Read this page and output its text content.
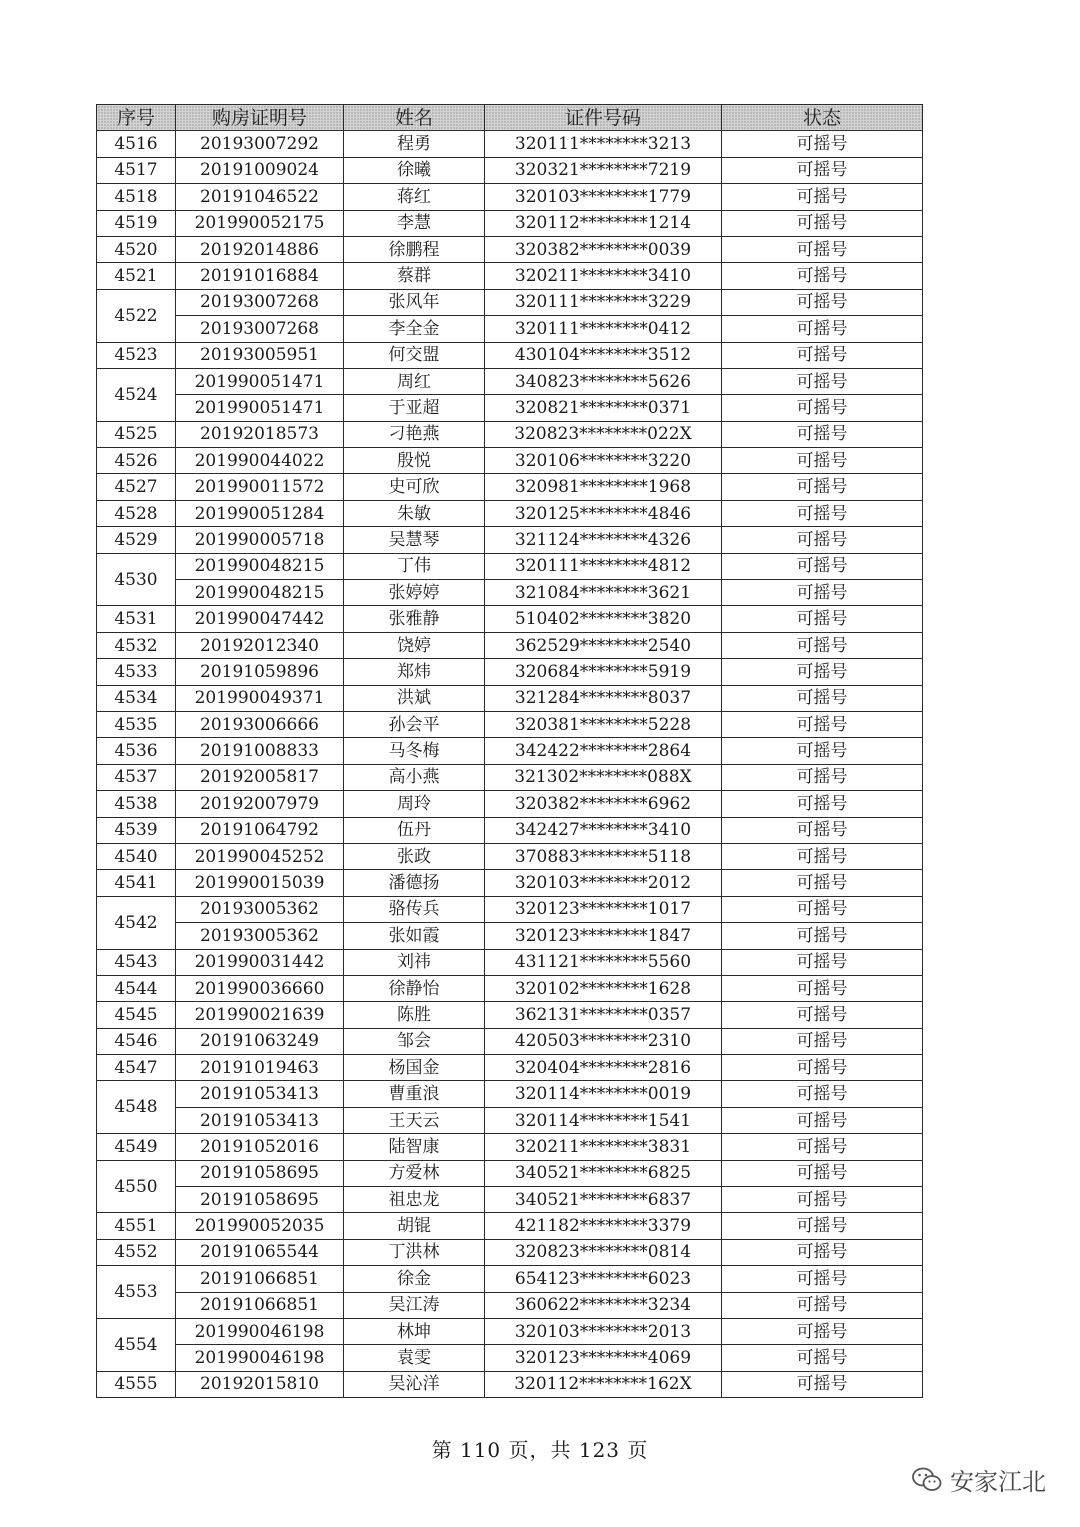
序号	购房证明号	姓名	证件号码	状态
4516	20193007292	程勇	320111********3213	可摇号
4517	20191009024	徐曦	320321********7219	可摇号
4518	20191046522	蒋红	320103********1779	可摇号
4519	201990052175	李慧	320112********1214	可摇号
4520	20192014886	徐鹏程	320382********0039	可摇号
4521	20191016884	蔡群	320211********3410	可摇号
4522	20193007268	张风年	320111********3229	可摇号
	20193007268	李全金	320111********0412	可摇号
4523	20193005951	何交盟	430104********3512	可摇号
4524	201990051471	周红	340823********5626	可摇号
	201990051471	于亚超	320821********0371	可摇号
4525	20192018573	刁艳燕	320823********022X	可摇号
4526	201990044022	殷悦	320106********3220	可摇号
4527	201990011572	史可欣	320981********1968	可摇号
4528	201990051284	朱敏	320125********4846	可摇号
4529	201990005718	吴慧琴	321124********4326	可摇号
4530	201990048215	丁伟	320111********4812	可摇号
	201990048215	张婷婷	321084********3621	可摇号
4531	201990047442	张雅静	510402********3820	可摇号
4532	20192012340	饶婷	362529********2540	可摇号
4533	20191059896	郑炜	320684********5919	可摇号
4534	201990049371	洪斌	321284********8037	可摇号
4535	20193006666	孙会平	320381********5228	可摇号
4536	20191008833	马冬梅	342422********2864	可摇号
4537	20192005817	高小燕	321302********088X	可摇号
4538	20192007979	周玲	320382********6962	可摇号
4539	20191064792	伍丹	342427********3410	可摇号
4540	201990045252	张政	370883********5118	可摇号
4541	201990015039	潘德扬	320103********2012	可摇号
4542	20193005362	骆传兵	320123********1017	可摇号
	20193005362	张如霞	320123********1847	可摇号
4543	201990031442	刘祎	431121********5560	可摇号
4544	201990036660	徐静怡	320102********1628	可摇号
4545	201990021639	陈胜	362131********0357	可摇号
4546	20191063249	邹会	420503********2310	可摇号
4547	20191019463	杨国金	320404********2816	可摇号
4548	20191053413	曹重浪	320114********0019	可摇号
	20191053413	王天云	320114********1541	可摇号
4549	20191052016	陆智康	320211********3831	可摇号
4550	20191058695	方爱林	340521********6825	可摇号
	20191058695	祖忠龙	340521********6837	可摇号
4551	201990052035	胡锟	421182********3379	可摇号
4552	20191065544	丁洪林	320823********0814	可摇号
4553	20191066851	徐金	654123********6023	可摇号
	20191066851	吴江涛	360622********3234	可摇号
4554	201990046198	林坤	320103********2013	可摇号
	201990046198	袁雯	320123********4069	可摇号
4555	20192015810	吴沁洋	320112********162X	可摇号
第 110 页，共 123 页
安家江北
